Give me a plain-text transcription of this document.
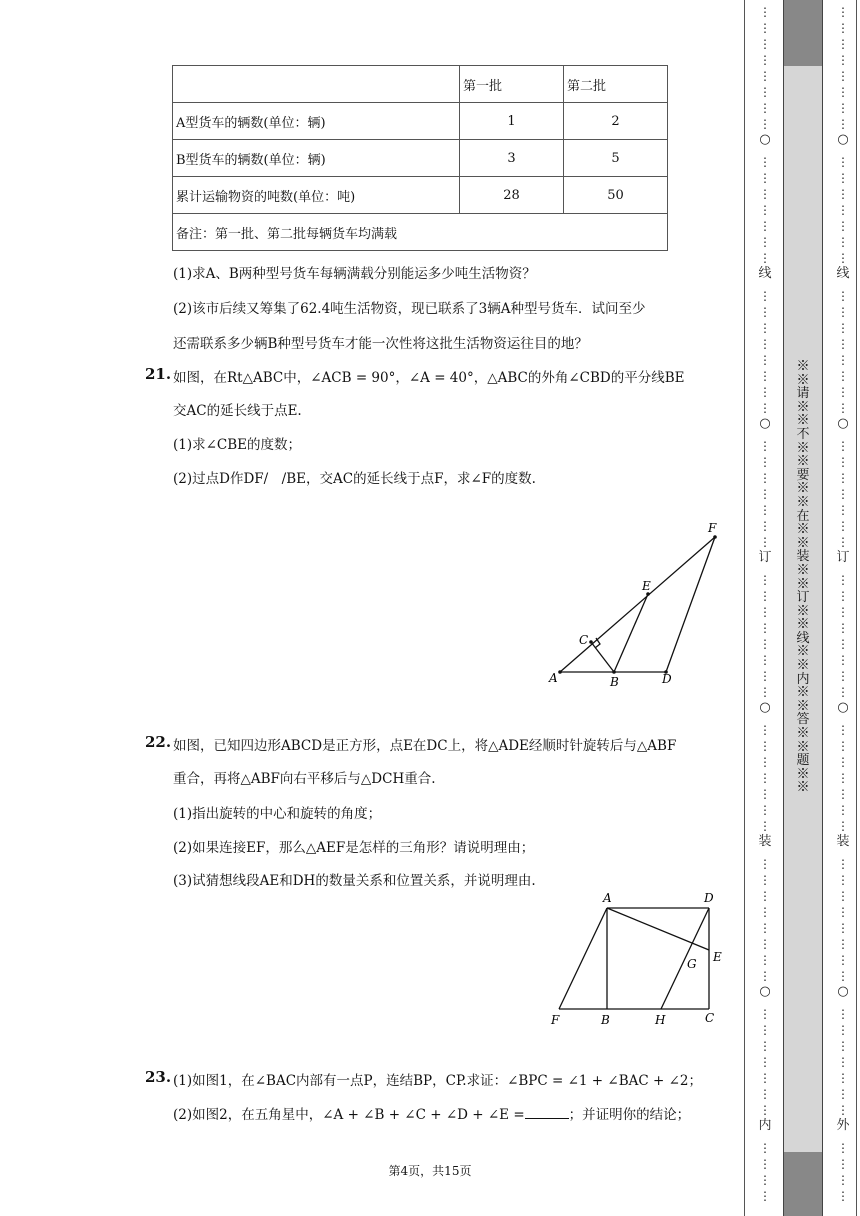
	第一批	第二批
A型货车的辆数(单位：辆)	1	2
B型货车的辆数(单位：辆)	3	5
累计运输物资的吨数(单位：吨)	28	50
备注：第一批、第二批每辆货车均满载		
(1)求A、B两种型号货车每辆满载分别能运多少吨生活物资？
(2)该市后续又筹集了62.4吨生活物资，现已联系了3辆A种型号货车．试问至少
还需联系多少辆B种型号货车才能一次性将这批生活物资运往目的地？
21. 如图，在Rt△ABC中，∠ACB = 90°，∠A = 40°，△ABC的外角∠CBD的平分线BE
交AC的延长线于点E.
(1)求∠CBE的度数；
(2)过点D作DF/　/BE，交AC的延长线于点F，求∠F的度数.
A	B	D
C
E
F
22. 如图，已知四边形ABCD是正方形，点E在DC上，将△ADE经顺时针旋转后与△ABF
重合，再将△ABF向右平移后与△DCH重合.
(1)指出旋转的中心和旋转的角度；
(2)如果连接EF，那么△AEF是怎样的三角形？请说明理由；
(3)试猜想线段AE和DH的数量关系和位置关系，并说明理由.
A	D
G E
F	B	H	C
23. (1)如图1，在∠BAC内部有一点P，连结BP，CP.求证：∠BPC = ∠1 + ∠BAC + ∠2；
(2)如图2，在五角星中，∠A + ∠B + ∠C + ∠D + ∠E =	；并证明你的结论；
第4页，共15页
※※请※※不※※要※※在※※装※※订※※线※※内※※答※※题※※
⋮
⋮
⋮
⋮
⋮
⋮
⋮
⋮
○
⋮
⋮
⋮
⋮
⋮
⋮
⋮
线
⋮
⋮
⋮
⋮
⋮
⋮
⋮
⋮
○
⋮
⋮
⋮
⋮
⋮
⋮
⋮
订
⋮
⋮
⋮
⋮
⋮
⋮
⋮
⋮
○
⋮
⋮
⋮
⋮
⋮
⋮
⋮
装
⋮
⋮
⋮
⋮
⋮
⋮
⋮
⋮
○
⋮
⋮
⋮
⋮
⋮
⋮
⋮
内
⋮
⋮
⋮
⋮
⋮
⋮
⋮
⋮
⋮
⋮
⋮
⋮
○
⋮
⋮
⋮
⋮
⋮
⋮
⋮
线
⋮
⋮
⋮
⋮
⋮
⋮
⋮
⋮
○
⋮
⋮
⋮
⋮
⋮
⋮
⋮
订
⋮
⋮
⋮
⋮
⋮
⋮
⋮
⋮
○
⋮
⋮
⋮
⋮
⋮
⋮
⋮
装
⋮
⋮
⋮
⋮
⋮
⋮
⋮
⋮
○
⋮
⋮
⋮
⋮
⋮
⋮
⋮
外
⋮
⋮
⋮
⋮
